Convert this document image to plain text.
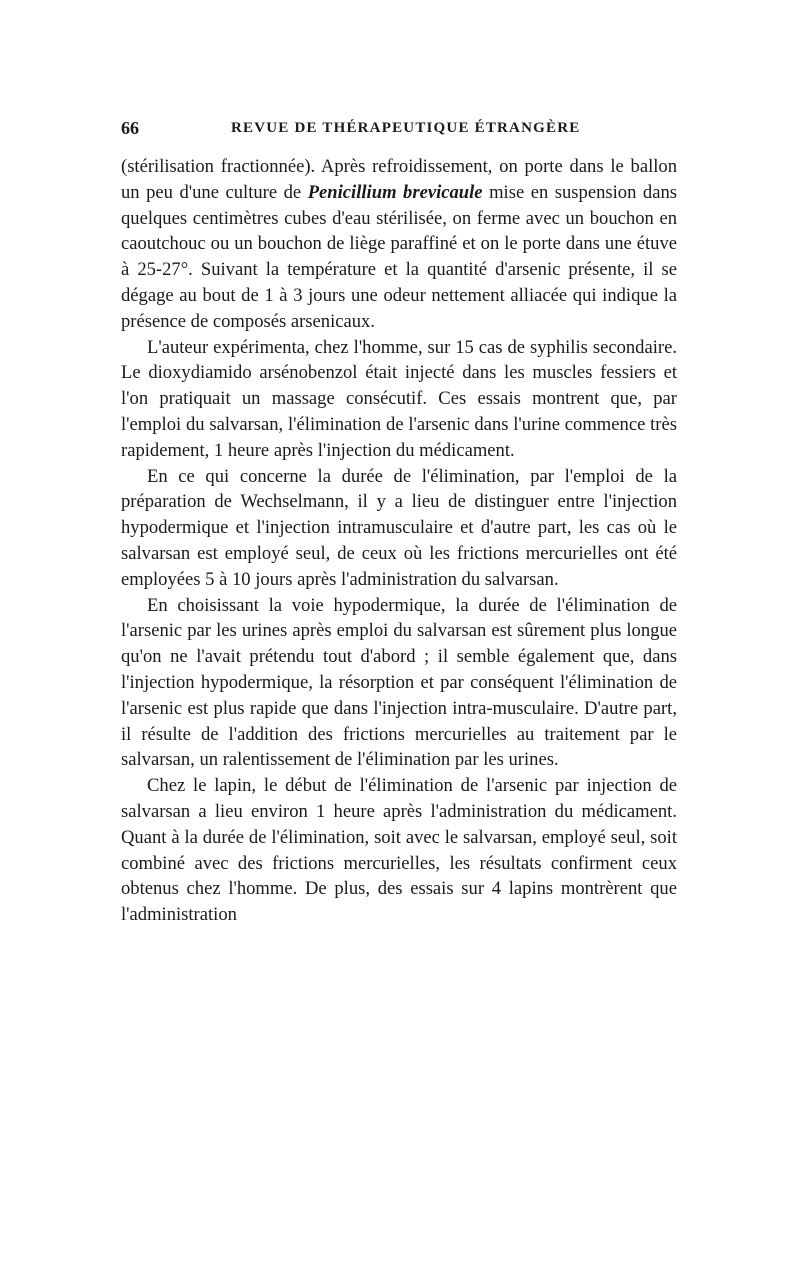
66	REVUE DE THÉRAPEUTIQUE ÉTRANGÈRE

(stérilisation fractionnée). Après refroidissement, on porte dans le ballon un peu d'une culture de Penicillium brevicaule mise en suspension dans quelques centimètres cubes d'eau stérilisée, on ferme avec un bouchon en caoutchouc ou un bouchon de liège paraffiné et on le porte dans une étuve à 25-27°. Suivant la température et la quantité d'arsenic présente, il se dégage au bout de 1 à 3 jours une odeur nettement alliacée qui indique la présence de composés arsenicaux.

L'auteur expérimenta, chez l'homme, sur 15 cas de syphilis secondaire. Le dioxydiamido arsénobenzol était injecté dans les muscles fessiers et l'on pratiquait un massage consécutif. Ces essais montrent que, par l'emploi du salvarsan, l'élimination de l'arsenic dans l'urine commence très rapidement, 1 heure après l'injection du médicament.

En ce qui concerne la durée de l'élimination, par l'emploi de la préparation de Wechselmann, il y a lieu de distinguer entre l'injection hypodermique et l'injection intramusculaire et d'autre part, les cas où le salvarsan est employé seul, de ceux où les frictions mercurielles ont été employées 5 à 10 jours après l'administration du salvarsan.

En choisissant la voie hypodermique, la durée de l'élimination de l'arsenic par les urines après emploi du salvarsan est sûrement plus longue qu'on ne l'avait prétendu tout d'abord ; il semble également que, dans l'injection hypodermique, la résorption et par conséquent l'élimination de l'arsenic est plus rapide que dans l'injection intra-musculaire. D'autre part, il résulte de l'addition des frictions mercurielles au traitement par le salvarsan, un ralentissement de l'élimination par les urines.

Chez le lapin, le début de l'élimination de l'arsenic par injection de salvarsan a lieu environ 1 heure après l'administration du médicament. Quant à la durée de l'élimination, soit avec le salvarsan, employé seul, soit combiné avec des frictions mercurielles, les résultats confirment ceux obtenus chez l'homme. De plus, des essais sur 4 lapins montrèrent que l'administration
